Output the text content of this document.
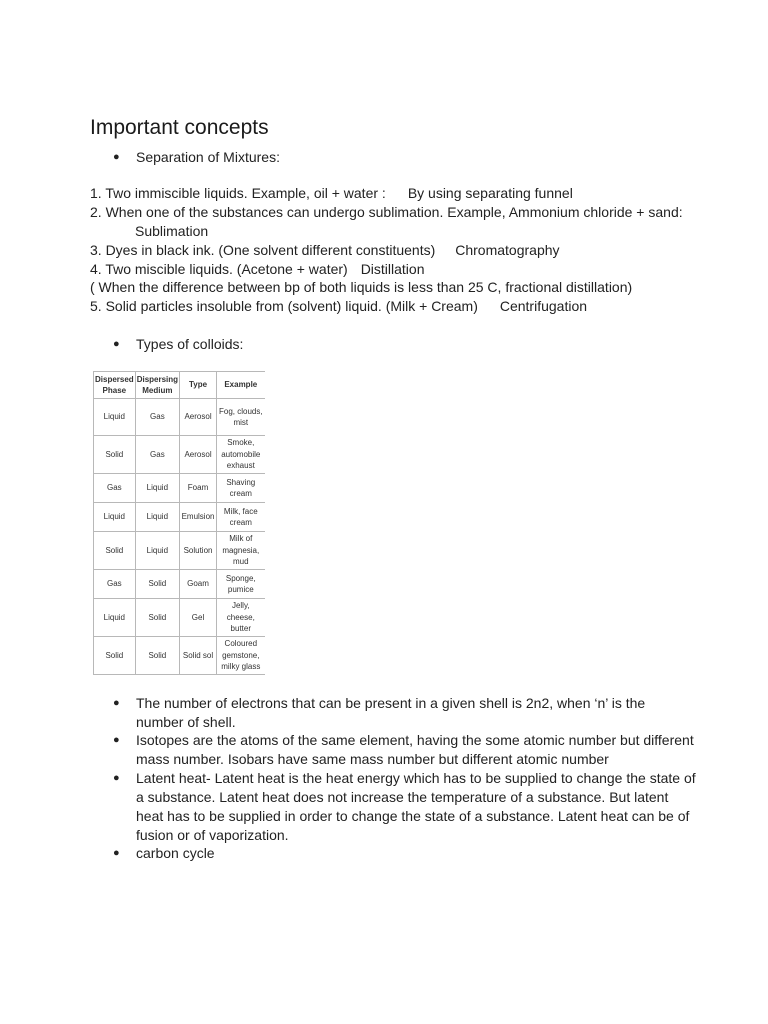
Important concepts
● Separation of Mixtures:
1. Two immiscible liquids. Example, oil + water : By using separating funnel
2. When one of the substances can undergo sublimation. Example, Ammonium chloride + sand:
Sublimation
3. Dyes in black ink. (One solvent different constituents) Chromatography
4. Two miscible liquids. (Acetone + water) Distillation
( When the difference between bp of both liquids is less than 25 C, fractional distillation)
5. Solid particles insoluble from (solvent) liquid. (Milk + Cream) Centrifugation
● Types of colloids:
Dispersed Phase	Dispersing Medium	Type	Example
Liquid	Gas	Aerosol	Fog, clouds, mist
Solid	Gas	Aerosol	Smoke, automobile exhaust
Gas	Liquid	Foam	Shaving cream
Liquid	Liquid	Emulsion	Milk, face cream
Solid	Liquid	Solution	Milk of magnesia, mud
Gas	Solid	Goam	Sponge, pumice
Liquid	Solid	Gel	Jelly, cheese, butter
Solid	Solid	Solid sol	Coloured gemstone, milky glass
● The number of electrons that can be present in a given shell is 2n2, when ‘n’ is the number of shell.
● Isotopes are the atoms of the same element, having the some atomic number but different mass number. Isobars have same mass number but different atomic number
● Latent heat- Latent heat is the heat energy which has to be supplied to change the state of a substance. Latent heat does not increase the temperature of a substance. But latent heat has to be supplied in order to change the state of a substance. Latent heat can be of fusion or of vaporization.
● carbon cycle
